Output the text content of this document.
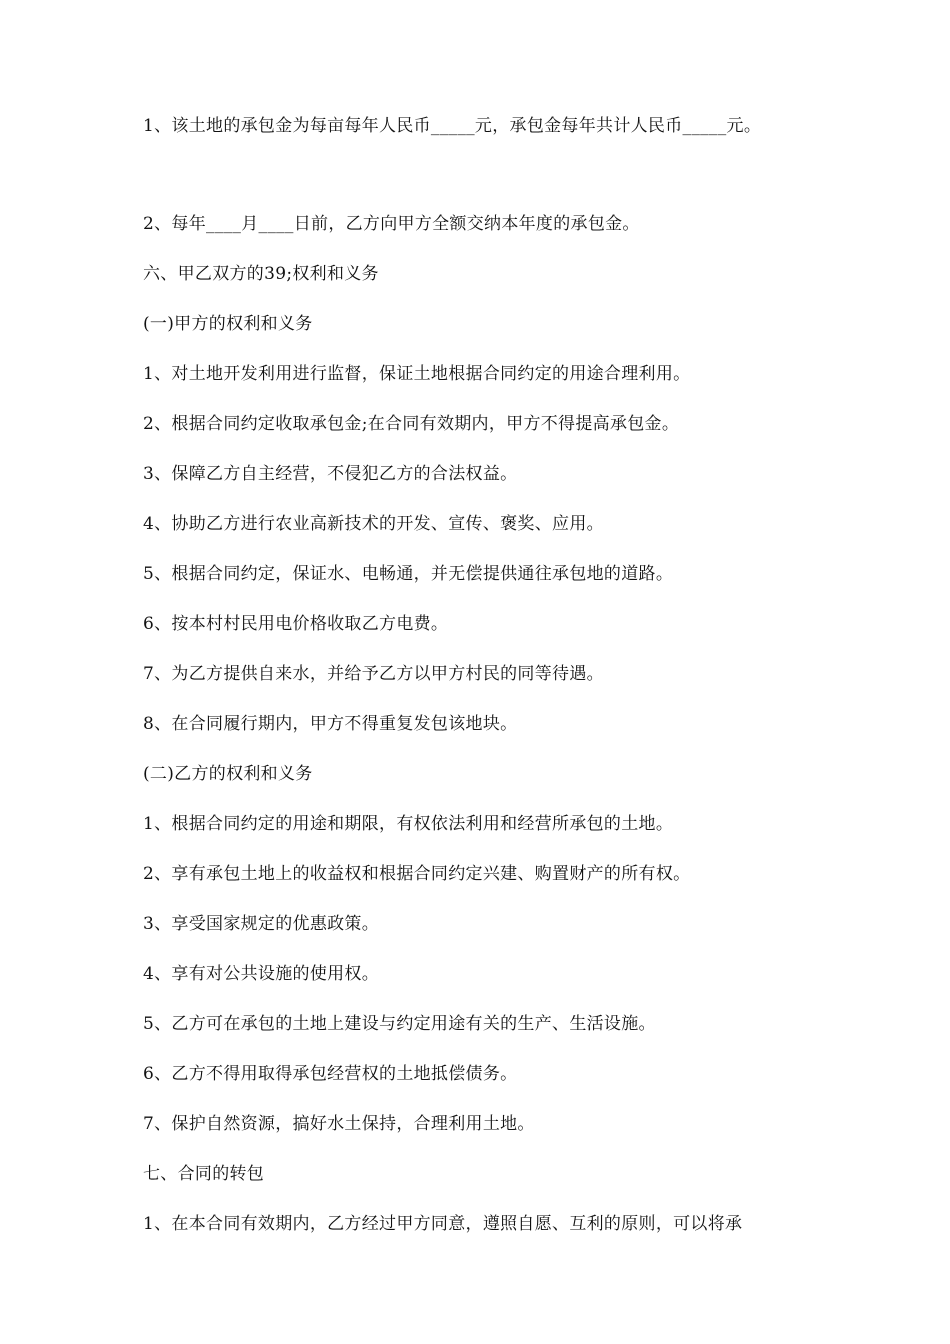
1、该土地的承包金为每亩每年人民币_____元，承包金每年共计人民币_____元。
2、每年____月____日前，乙方向甲方全额交纳本年度的承包金。
六、甲乙双方的39;权利和义务
(一)甲方的权利和义务
1、对土地开发利用进行监督，保证土地根据合同约定的用途合理利用。
2、根据合同约定收取承包金;在合同有效期内，甲方不得提高承包金。
3、保障乙方自主经营，不侵犯乙方的合法权益。
4、协助乙方进行农业高新技术的开发、宣传、褒奖、应用。
5、根据合同约定，保证水、电畅通，并无偿提供通往承包地的道路。
6、按本村村民用电价格收取乙方电费。
7、为乙方提供自来水，并给予乙方以甲方村民的同等待遇。
8、在合同履行期内，甲方不得重复发包该地块。
(二)乙方的权利和义务
1、根据合同约定的用途和期限，有权依法利用和经营所承包的土地。
2、享有承包土地上的收益权和根据合同约定兴建、购置财产的所有权。
3、享受国家规定的优惠政策。
4、享有对公共设施的使用权。
5、乙方可在承包的土地上建设与约定用途有关的生产、生活设施。
6、乙方不得用取得承包经营权的土地抵偿债务。
7、保护自然资源，搞好水土保持，合理利用土地。
七、合同的转包
1、在本合同有效期内，乙方经过甲方同意，遵照自愿、互利的原则，可以将承
